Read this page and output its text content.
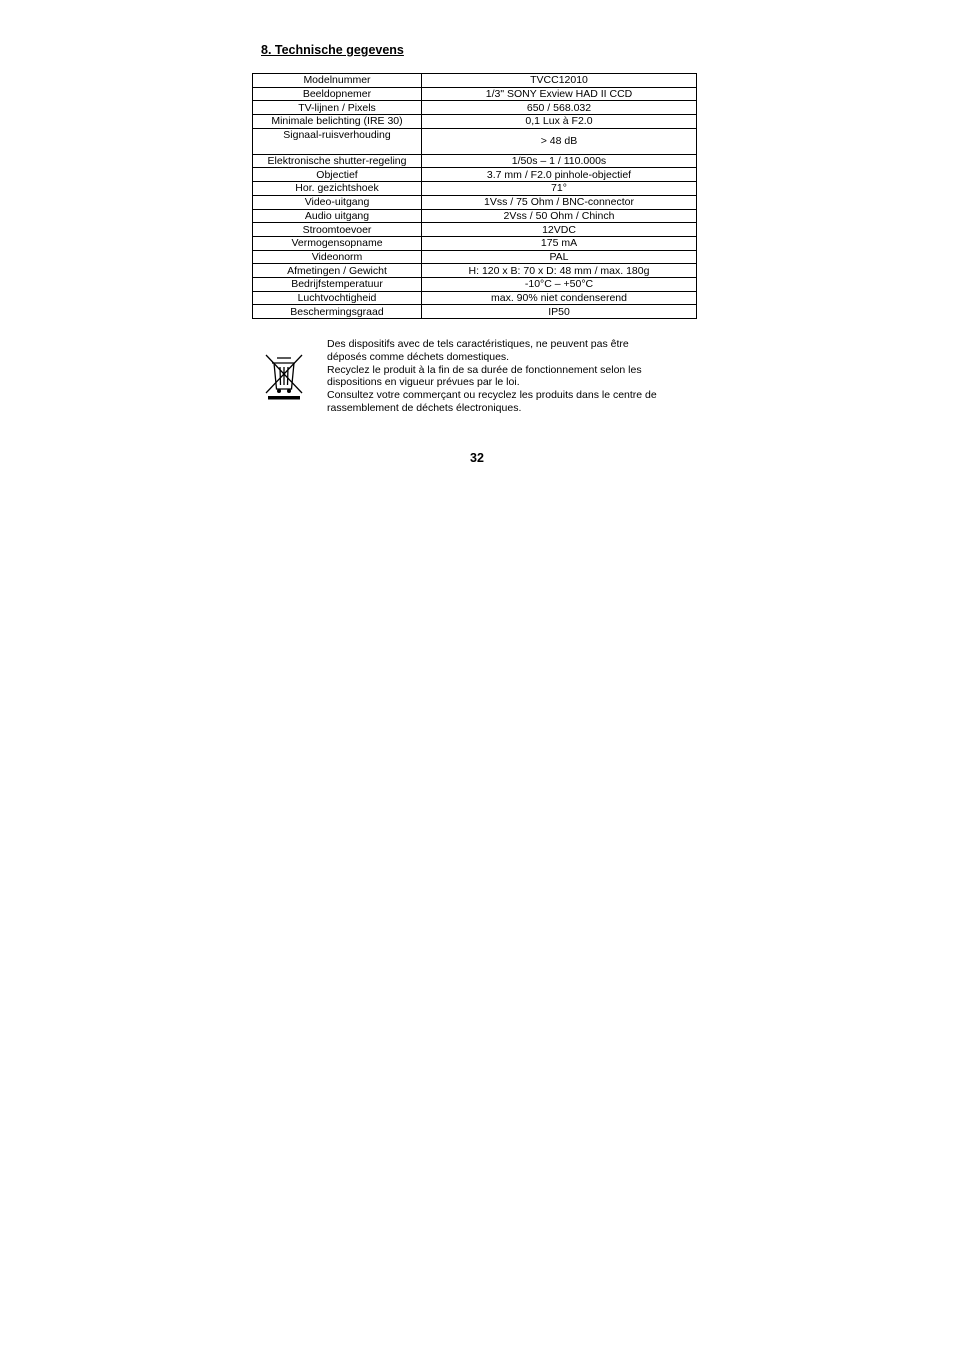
8. Technische gegevens
Modelnummer	TVCC12010
Beeldopnemer	1/3" SONY Exview HAD II CCD
TV-lijnen / Pixels	650 / 568.032
Minimale belichting (IRE 30)	0,1 Lux à F2.0
Signaal-ruisverhouding	> 48 dB
Elektronische shutter-regeling	1/50s – 1 / 110.000s
Objectief	3.7 mm / F2.0 pinhole-objectief
Hor. gezichtshoek	71°
Video-uitgang	1Vss / 75 Ohm / BNC-connector
Audio uitgang	2Vss / 50 Ohm / Chinch
Stroomtoevoer	12VDC
Vermogensopname	175 mA
Videonorm	PAL
Afmetingen / Gewicht	H: 120 x B: 70 x D: 48 mm / max. 180g
Bedrijfstemperatuur	-10°C – +50°C
Luchtvochtigheid	max. 90% niet condenserend
Beschermingsgraad	IP50

Des dispositifs avec de tels caractéristiques, ne peuvent pas être

déposés comme déchets domestiques.

Recyclez le produit à la fin de sa durée de fonctionnement selon les

dispositions en vigueur prévues par le loi.

Consultez votre commerçant ou recyclez les produits dans le centre de

rassemblement de déchets électroniques.

32
